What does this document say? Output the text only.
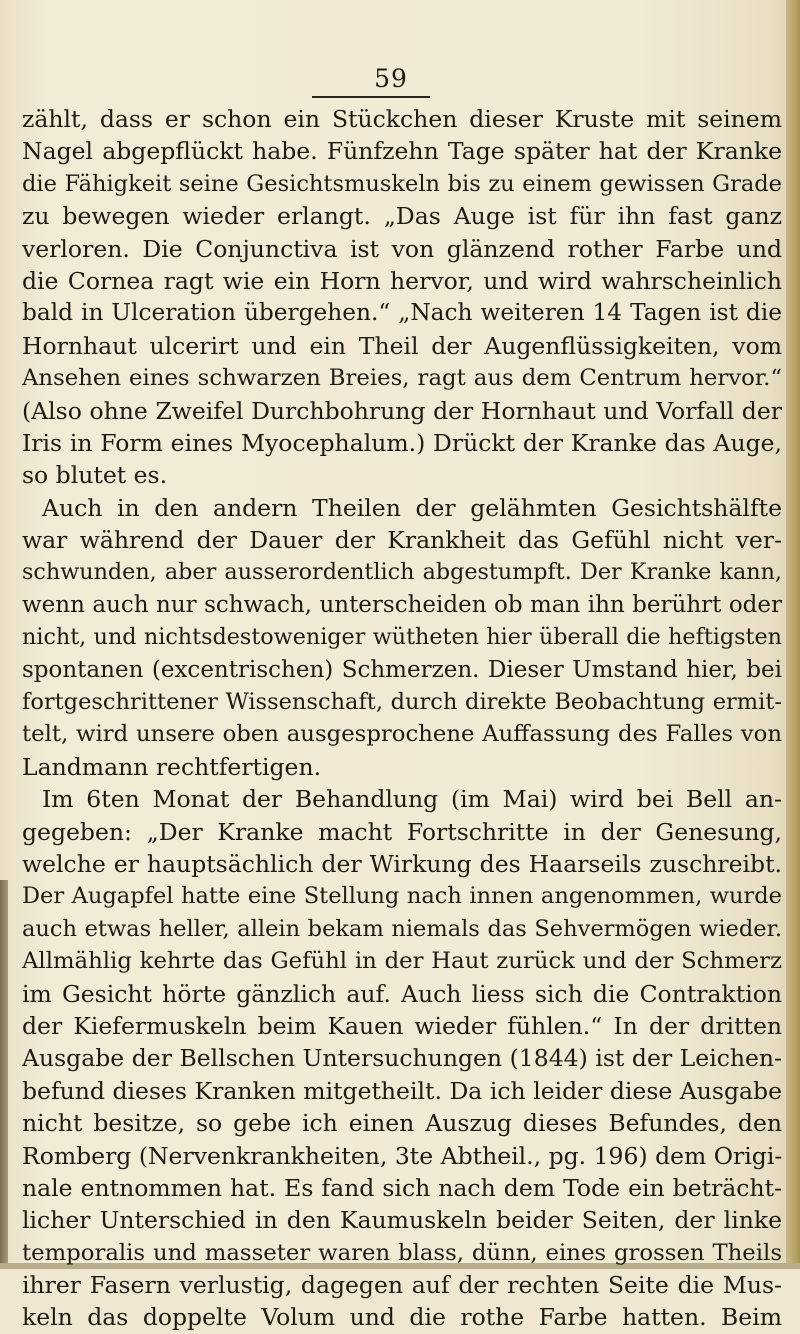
59
zählt, dass er schon ein Stückchen dieser Kruste mit seinem
Nagel abgepflückt habe. Fünfzehn Tage später hat der Kranke
die Fähigkeit seine Gesichtsmuskeln bis zu einem gewissen Grade
zu bewegen wieder erlangt. „Das Auge ist für ihn fast ganz
verloren. Die Conjunctiva ist von glänzend rother Farbe und
die Cornea ragt wie ein Horn hervor, und wird wahrscheinlich
bald in Ulceration übergehen.“ „Nach weiteren 14 Tagen ist die
Hornhaut ulcerirt und ein Theil der Augenflüssigkeiten, vom
Ansehen eines schwarzen Breies, ragt aus dem Centrum hervor.“
(Also ohne Zweifel Durchbohrung der Hornhaut und Vorfall der
Iris in Form eines Myocephalum.) Drückt der Kranke das Auge,
so blutet es.
Auch in den andern Theilen der gelähmten Gesichtshälfte
war während der Dauer der Krankheit das Gefühl nicht ver-
schwunden, aber ausserordentlich abgestumpft. Der Kranke kann,
wenn auch nur schwach, unterscheiden ob man ihn berührt oder
nicht, und nichtsdestoweniger wütheten hier überall die heftigsten
spontanen (excentrischen) Schmerzen. Dieser Umstand hier, bei
fortgeschrittener Wissenschaft, durch direkte Beobachtung ermit-
telt, wird unsere oben ausgesprochene Auffassung des Falles von
Landmann rechtfertigen.
Im 6ten Monat der Behandlung (im Mai) wird bei Bell an-
gegeben: „Der Kranke macht Fortschritte in der Genesung,
welche er hauptsächlich der Wirkung des Haarseils zuschreibt.
Der Augapfel hatte eine Stellung nach innen angenommen, wurde
auch etwas heller, allein bekam niemals das Sehvermögen wieder.
Allmählig kehrte das Gefühl in der Haut zurück und der Schmerz
im Gesicht hörte gänzlich auf. Auch liess sich die Contraktion
der Kiefermuskeln beim Kauen wieder fühlen.“ In der dritten
Ausgabe der Bellschen Untersuchungen (1844) ist der Leichen-
befund dieses Kranken mitgetheilt. Da ich leider diese Ausgabe
nicht besitze, so gebe ich einen Auszug dieses Befundes, den
Romberg (Nervenkrankheiten, 3te Abtheil., pg. 196) dem Origi-
nale entnommen hat. Es fand sich nach dem Tode ein beträcht-
licher Unterschied in den Kaumuskeln beider Seiten, der linke
temporalis und masseter waren blass, dünn, eines grossen Theils
ihrer Fasern verlustig, dagegen auf der rechten Seite die Mus-
keln das doppelte Volum und die rothe Farbe hatten. Beim
